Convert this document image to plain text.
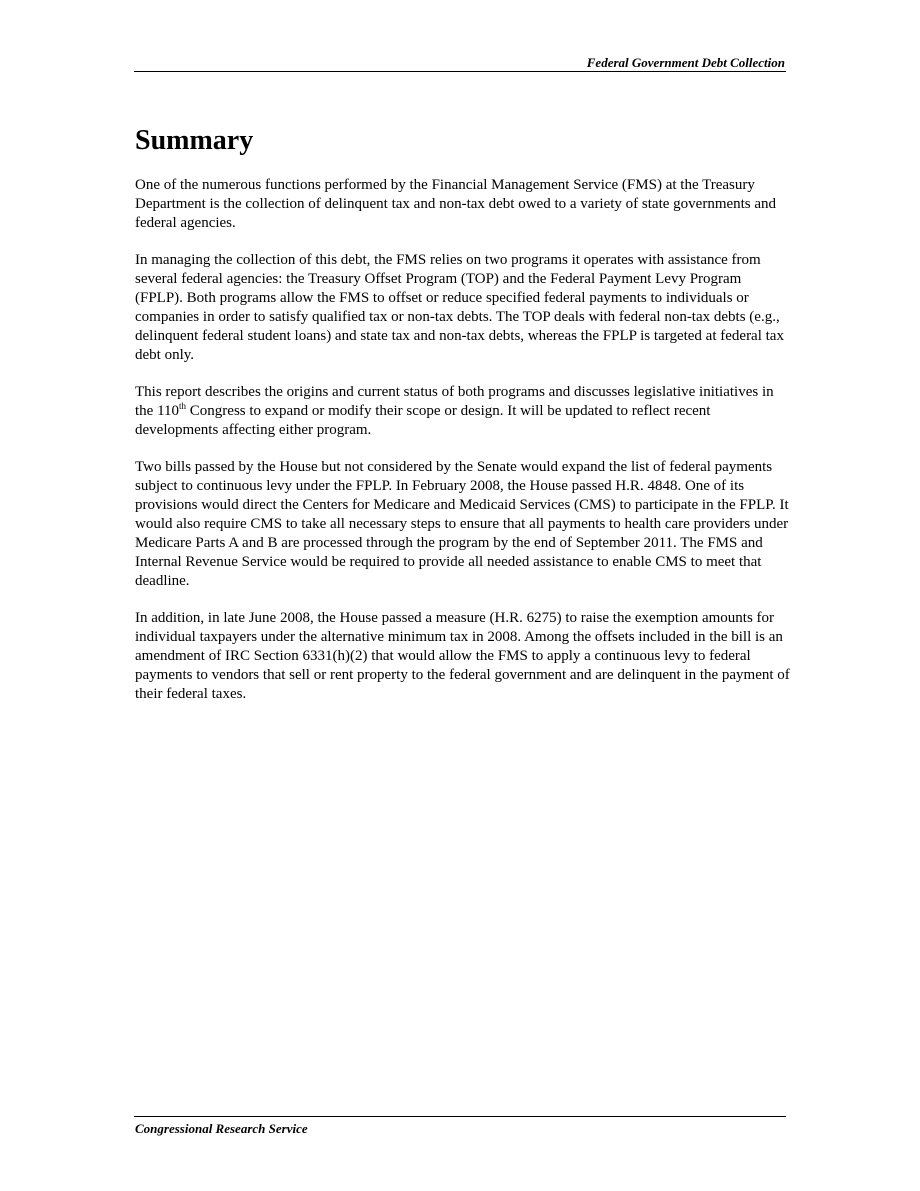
Federal Government Debt Collection
Summary

One of the numerous functions performed by the Financial Management Service (FMS) at the Treasury Department is the collection of delinquent tax and non-tax debt owed to a variety of state governments and federal agencies.

In managing the collection of this debt, the FMS relies on two programs it operates with assistance from several federal agencies: the Treasury Offset Program (TOP) and the Federal Payment Levy Program (FPLP). Both programs allow the FMS to offset or reduce specified federal payments to individuals or companies in order to satisfy qualified tax or non-tax debts. The TOP deals with federal non-tax debts (e.g., delinquent federal student loans) and state tax and non-tax debts, whereas the FPLP is targeted at federal tax debt only.

This report describes the origins and current status of both programs and discusses legislative initiatives in the 110th Congress to expand or modify their scope or design. It will be updated to reflect recent developments affecting either program.

Two bills passed by the House but not considered by the Senate would expand the list of federal payments subject to continuous levy under the FPLP. In February 2008, the House passed H.R. 4848. One of its provisions would direct the Centers for Medicare and Medicaid Services (CMS) to participate in the FPLP. It would also require CMS to take all necessary steps to ensure that all payments to health care providers under Medicare Parts A and B are processed through the program by the end of September 2011. The FMS and Internal Revenue Service would be required to provide all needed assistance to enable CMS to meet that deadline.

In addition, in late June 2008, the House passed a measure (H.R. 6275) to raise the exemption amounts for individual taxpayers under the alternative minimum tax in 2008. Among the offsets included in the bill is an amendment of IRC Section 6331(h)(2) that would allow the FMS to apply a continuous levy to federal payments to vendors that sell or rent property to the federal government and are delinquent in the payment of their federal taxes.

Congressional Research Service
